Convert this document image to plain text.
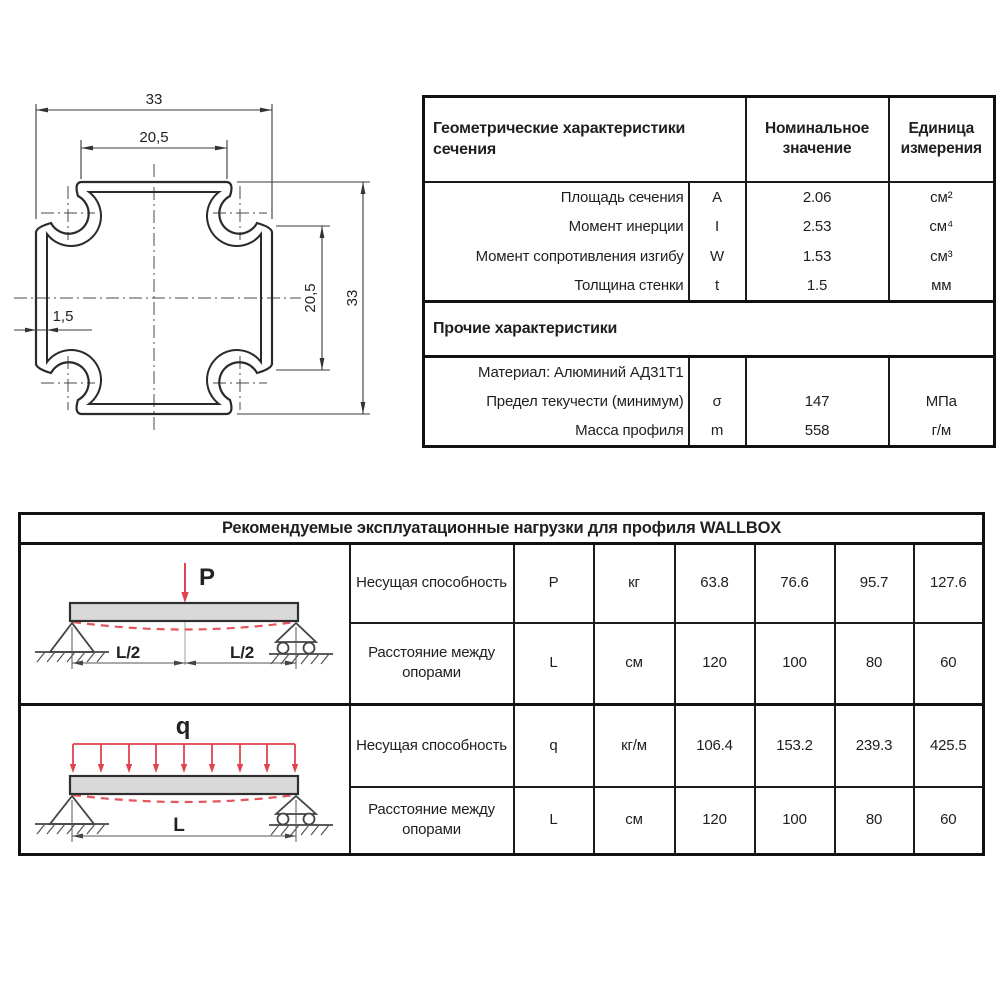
33
20,5
20,5 33
1,5
Геометрические характеристики сечения		Номинальное значение	Единица измерения
Площадь сечения	A	2.06	см²
Момент инерции	I	2.53	см⁴
Момент сопротивления изгибу	W	1.53	см³
Толщина стенки	t	1.5	мм
Прочие характеристики			
Материал: Алюминий АД31Т1			
Предел текучести (минимум)	σ	147	МПа
Масса профиля	m	558	г/м
Рекомендуемые эксплуатационные нагрузки для профиля WALLBOX							

P
L/2 L/2	Несущая способность	P	кг	63.8	76.6	95.7	127.6
	Расстояние между опорами	L	см	120	100	80	60

q
L	Несущая способность	q	кг/м	106.4	153.2	239.3	425.5
	Расстояние между опорами	L	см	120	100	80	60
